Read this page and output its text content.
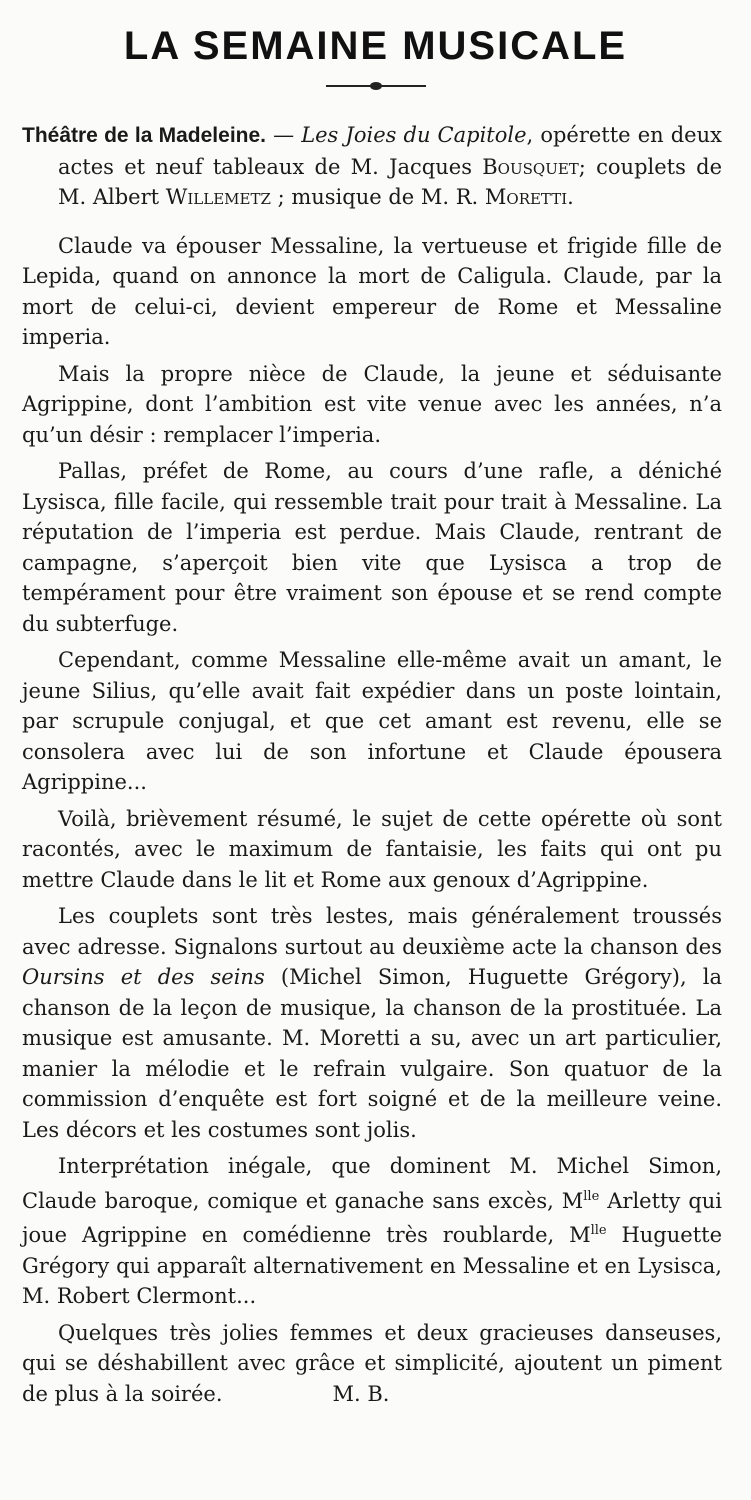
LA SEMAINE MUSICALE

Théâtre de la Madeleine. — Les Joies du Capitole, opérette en deux actes et neuf tableaux de M. Jacques Bousquet; couplets de M. Albert Willemetz ; musique de M. R. Moretti.

Claude va épouser Messaline, la vertueuse et frigide fille de Lepida, quand on annonce la mort de Caligula. Claude, par la mort de celui-ci, devient empereur de Rome et Messaline imperia.

Mais la propre nièce de Claude, la jeune et séduisante Agrippine, dont l’ambition est vite venue avec les années, n’a qu’un désir : remplacer l’imperia.

Pallas, préfet de Rome, au cours d’une rafle, a déniché Lysisca, fille facile, qui ressemble trait pour trait à Messaline. La réputation de l’imperia est perdue. Mais Claude, rentrant de campagne, s’aperçoit bien vite que Lysisca a trop de tempérament pour être vraiment son épouse et se rend compte du subterfuge.

Cependant, comme Messaline elle-même avait un amant, le jeune Silius, qu’elle avait fait expédier dans un poste lointain, par scrupule conjugal, et que cet amant est revenu, elle se consolera avec lui de son infortune et Claude épousera Agrippine...

Voilà, brièvement résumé, le sujet de cette opérette où sont racontés, avec le maximum de fantaisie, les faits qui ont pu mettre Claude dans le lit et Rome aux genoux d’Agrippine.

Les couplets sont très lestes, mais généralement troussés avec adresse. Signalons surtout au deuxième acte la chanson des Oursins et des seins (Michel Simon, Huguette Grégory), la chanson de la leçon de musique, la chanson de la prostituée. La musique est amusante. M. Moretti a su, avec un art particulier, manier la mélodie et le refrain vulgaire. Son quatuor de la commission d’enquête est fort soigné et de la meilleure veine. Les décors et les costumes sont jolis.

Interprétation inégale, que dominent M. Michel Simon, Claude baroque, comique et ganache sans excès, $M^{lle}$ Arletty qui joue Agrippine en comédienne très roublarde, $M^{lle}$ Huguette Grégory qui apparaît alternativement en Messaline et en Lysisca, M. Robert Clermont...

Quelques très jolies femmes et deux gracieuses danseuses, qui se déshabillent avec grâce et simplicité, ajoutent un piment de plus à la soirée.	M. B.
